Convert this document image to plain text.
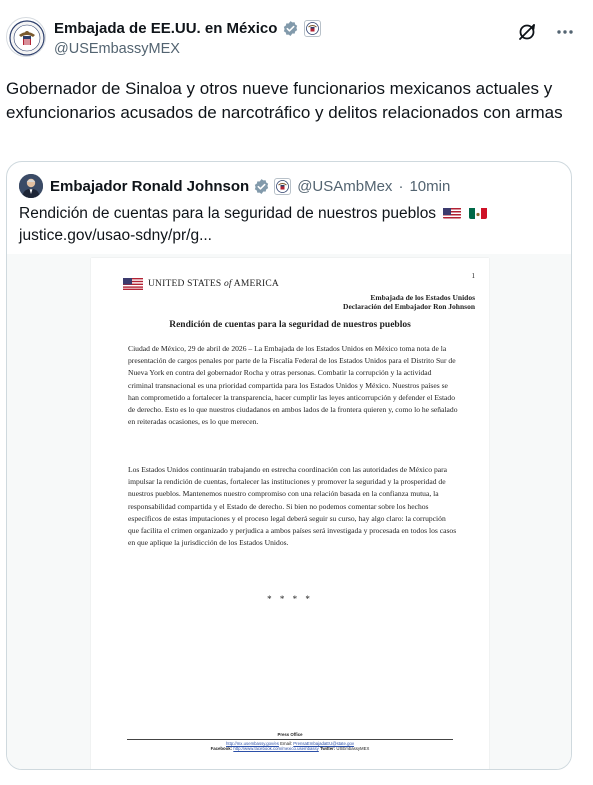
Embajada de EE.UU. en México
@USEmbassyMEX
Gobernador de Sinaloa y otros nueve funcionarios mexicanos actuales y exfuncionarios acusados de narcotráfico y delitos relacionados con armas
Embajador Ronald Johnson	@USAmbMex · 10min
Rendición de cuentas para la seguridad de nuestros pueblos
justice.gov/usao-sdny/pr/g...
1
UNITED STATES of AMERICA
Embajada de los Estados Unidos
Declaración del Embajador Ron Johnson
Rendición de cuentas para la seguridad de nuestros pueblos
Ciudad de México, 29 de abril de 2026 – La Embajada de los Estados Unidos en México toma nota de la presentación de cargos penales por parte de la Fiscalía Federal de los Estados Unidos para el Distrito Sur de Nueva York en contra del gobernador Rocha y otras personas. Combatir la corrupción y la actividad criminal transnacional es una prioridad compartida para los Estados Unidos y México. Nuestros países se han comprometido a fortalecer la transparencia, hacer cumplir las leyes anticorrupción y defender el Estado de derecho. Esto es lo que nuestros ciudadanos en ambos lados de la frontera quieren y, como lo he señalado en reiteradas ocasiones, es lo que merecen.
Los Estados Unidos continuarán trabajando en estrecha coordinación con las autoridades de México para impulsar la rendición de cuentas, fortalecer las instituciones y promover la seguridad y la prosperidad de nuestros pueblos. Mantenemos nuestro compromiso con una relación basada en la confianza mutua, la responsabilidad compartida y el Estado de derecho. Si bien no podemos comentar sobre los hechos específicos de estas imputaciones y el proceso legal deberá seguir su curso, hay algo claro: la corrupción que facilita el crimen organizado y perjudica a ambos países será investigada y procesada en todos los casos en que aplique la jurisdicción de los Estados Unidos.
* * * *
Press Office
http://mx.usembassy.gov/es Email: PrensaEmbajadaEU@state.gov
Facebook: http://www.facebook.com/mexico.usembassy Twitter: USEmbassyMEX
